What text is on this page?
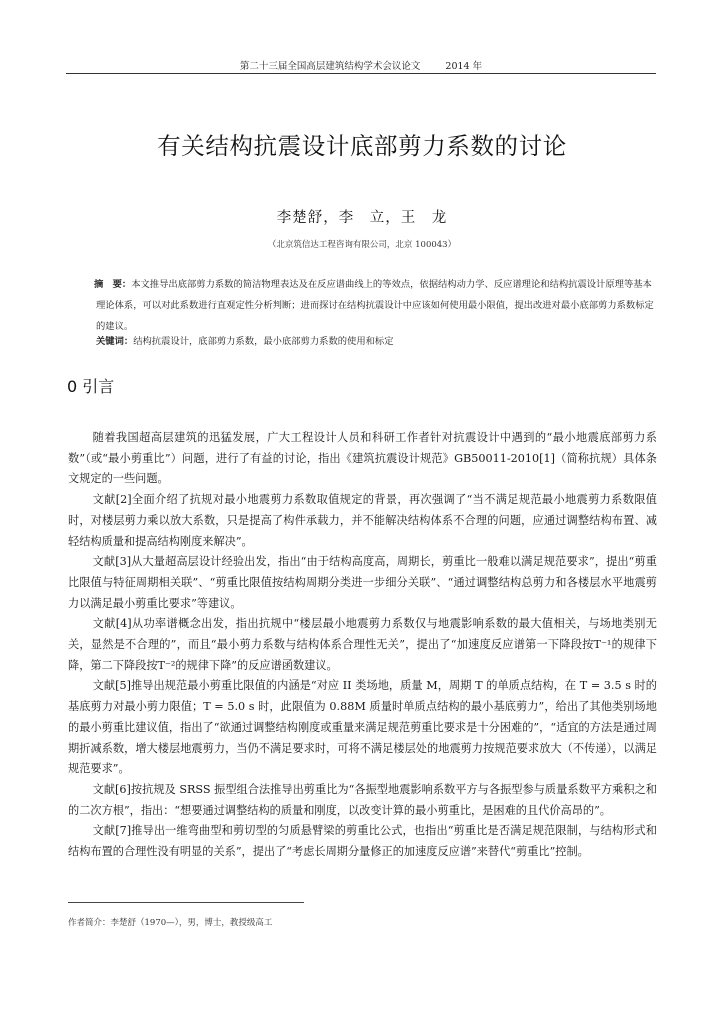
第二十三届全国高层建筑结构学术会议论文	2014 年
有关结构抗震设计底部剪力系数的讨论
李楚舒，李　立，王　龙
（北京筑信达工程咨询有限公司，北京 100043）

摘　要：本文推导出底部剪力系数的简洁物理表达及在反应谱曲线上的等效点，依据结构动力学、反应谱理论和结构抗震设计原理等基本理论体系，可以对此系数进行直观定性分析判断；进而探讨在结构抗震设计中应该如何使用最小限值，提出改进对最小底部剪力系数标定的建议。

关键词：结构抗震设计，底部剪力系数，最小底部剪力系数的使用和标定
0 引言

随着我国超高层建筑的迅猛发展，广大工程设计人员和科研工作者针对抗震设计中遇到的“最小地震底部剪力系数”（或“最小剪重比”）问题，进行了有益的讨论，指出《建筑抗震设计规范》GB50011-2010[1]（简称抗规）具体条文规定的一些问题。

文献[2]全面介绍了抗规对最小地震剪力系数取值规定的背景，再次强调了“当不满足规范最小地震剪力系数限值时，对楼层剪力乘以放大系数，只是提高了构件承载力，并不能解决结构体系不合理的问题，应通过调整结构布置、减轻结构质量和提高结构刚度来解决”。

文献[3]从大量超高层设计经验出发，指出“由于结构高度高，周期长，剪重比一般难以满足规范要求”，提出“剪重比限值与特征周期相关联”、“剪重比限值按结构周期分类进一步细分关联”、“通过调整结构总剪力和各楼层水平地震剪力以满足最小剪重比要求”等建议。

文献[4]从功率谱概念出发，指出抗规中“楼层最小地震剪力系数仅与地震影响系数的最大值相关，与场地类别无关，显然是不合理的”，而且“最小剪力系数与结构体系合理性无关”，提出了“加速度反应谱第一下降段按T⁻¹的规律下降，第二下降段按T⁻²的规律下降”的反应谱函数建议。

文献[5]推导出规范最小剪重比限值的内涵是“对应 II 类场地，质量 M，周期 T 的单质点结构，在 T = 3.5 s 时的基底剪力对最小剪力限值；T = 5.0 s 时，此限值为 0.88M 质量时单质点结构的最小基底剪力”，给出了其他类别场地的最小剪重比建议值，指出了“欲通过调整结构刚度或重量来满足规范剪重比要求是十分困难的”，“适宜的方法是通过周期折减系数，增大楼层地震剪力，当仍不满足要求时，可将不满足楼层处的地震剪力按规范要求放大（不传递），以满足规范要求”。

文献[6]按抗规及 SRSS 振型组合法推导出剪重比为“各振型地震影响系数平方与各振型参与质量系数平方乘积之和的二次方根”，指出：“想要通过调整结构的质量和刚度，以改变计算的最小剪重比，是困难的且代价高昂的”。

文献[7]推导出一维弯曲型和剪切型的匀质悬臂梁的剪重比公式，也指出“剪重比是否满足规范限制，与结构形式和结构布置的合理性没有明显的关系”，提出了“考虑长周期分量修正的加速度反应谱”来替代“剪重比”控制。

作者简介：李楚舒（1970—），男，博士，教授级高工
